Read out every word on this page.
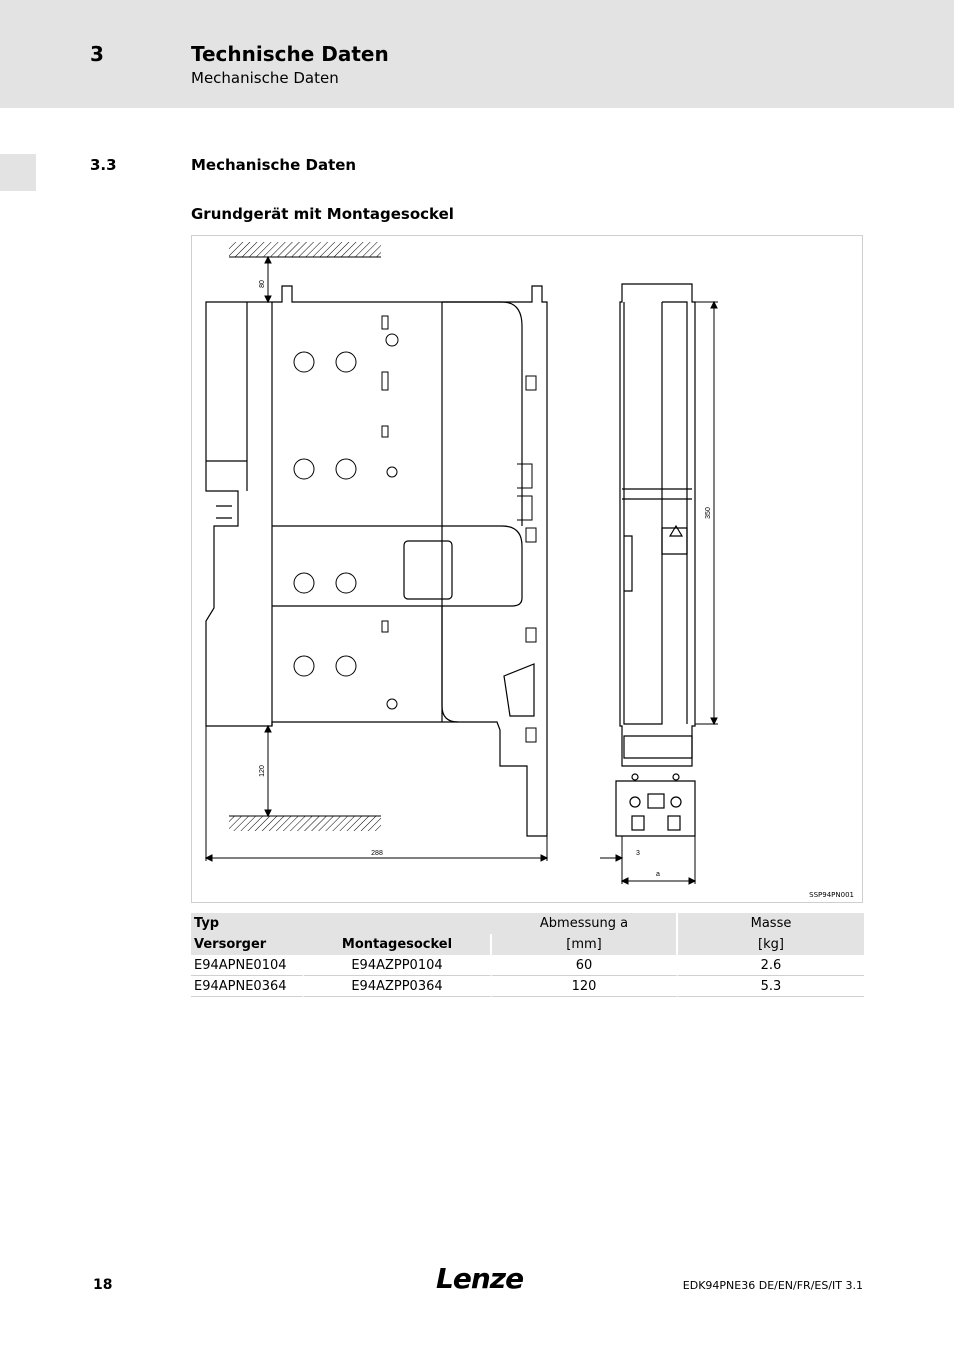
3	Technische Daten
Mechanische Daten
3.3	Mechanische Daten
Grundgerät mit Montagesockel
80
120
288
350
3
a
SSP94PN001
Typ		Abmessung a	Masse
Versorger	Montagesockel	[mm]	[kg]
E94APNE0104	E94AZPP0104	60	2.6
E94APNE0364	E94AZPP0364	120	5.3
18	Lenze	EDK94PNE36 DE/EN/FR/ES/IT 3.1
